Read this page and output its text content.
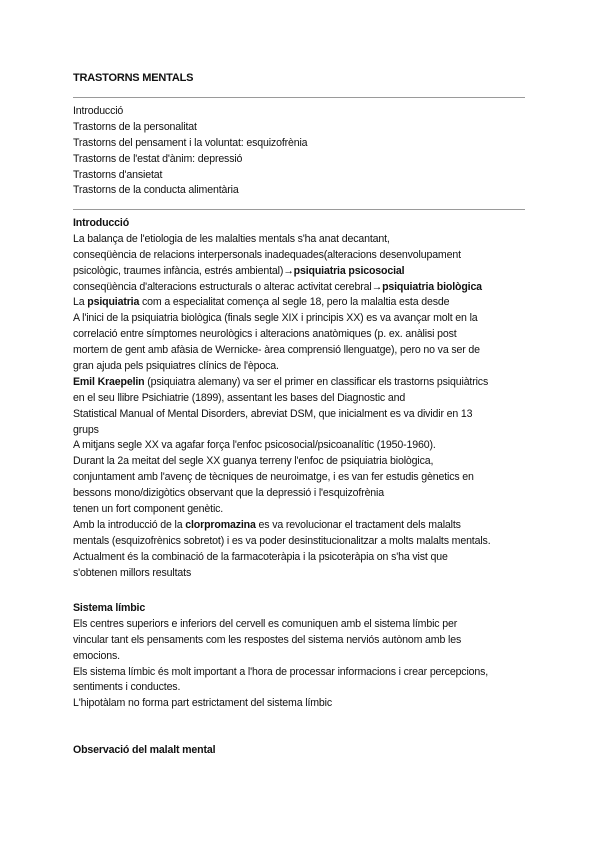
TRASTORNS MENTALS
Introducció
Trastorns de la personalitat
Trastorns del pensament i la voluntat: esquizofrènia
Trastorns de l'estat d'ànim: depressió
Trastorns d'ansietat
Trastorns de la conducta alimentària
Introducció
La balança de l'etiologia de les malalties mentals s'ha anat decantant,
conseqüència de relacions interpersonals inadequades(alteracions desenvolupament
psicològic, traumes infància, estrés ambiental)→psiquiatria psicosocial
conseqüència d'alteracions estructurals o alterac activitat cerebral→psiquiatria biològica
La psiquiatria com a especialitat comença al segle 18, pero la malaltia esta desde
A l'inici de la psiquiatria biològica (finals segle XIX i principis XX) es va avançar molt en la
correlació entre símptomes neurològics i alteracions anatòmiques (p. ex. anàlisi post
mortem de gent amb afàsia de Wernicke- àrea comprensió llenguatge), pero no va ser de
gran ajuda pels psiquiatres clínics de l'època.
Emil Kraepelin (psiquiatra alemany) va ser el primer en classificar els trastorns psiquiàtrics
en el seu llibre Psichiatrie (1899), assentant les bases del Diagnostic and
Statistical Manual of Mental Disorders, abreviat DSM, que inicialment es va dividir en 13
grups
A mitjans segle XX va agafar força l'enfoc psicosocial/psicoanalític (1950-1960).
Durant la 2a meitat del segle XX guanya terreny l'enfoc de psiquiatria biològica,
conjuntament amb l'avenç de tècniques de neuroimatge, i es van fer estudis gènetics en
bessons mono/dizigòtics observant que la depressió i l'esquizofrènia
tenen un fort component genètic.
Amb la introducció de la clorpromazina es va revolucionar el tractament dels malalts
mentals (esquizofrènics sobretot) i es va poder desinstitucionalitzar a molts malalts mentals.
Actualment és la combinació de la farmacoteràpia i la psicoteràpia on s'ha vist que
s'obtenen millors resultats
Sistema límbic
Els centres superiors e inferiors del cervell es comuniquen amb el sistema límbic per
vincular tant els pensaments com les respostes del sistema nerviós autònom amb les
emocions.
Els sistema límbic és molt important a l'hora de processar informacions i crear percepcions,
sentiments i conductes.
L'hipotàlam no forma part estrictament del sistema límbic
Observació del malalt mental
